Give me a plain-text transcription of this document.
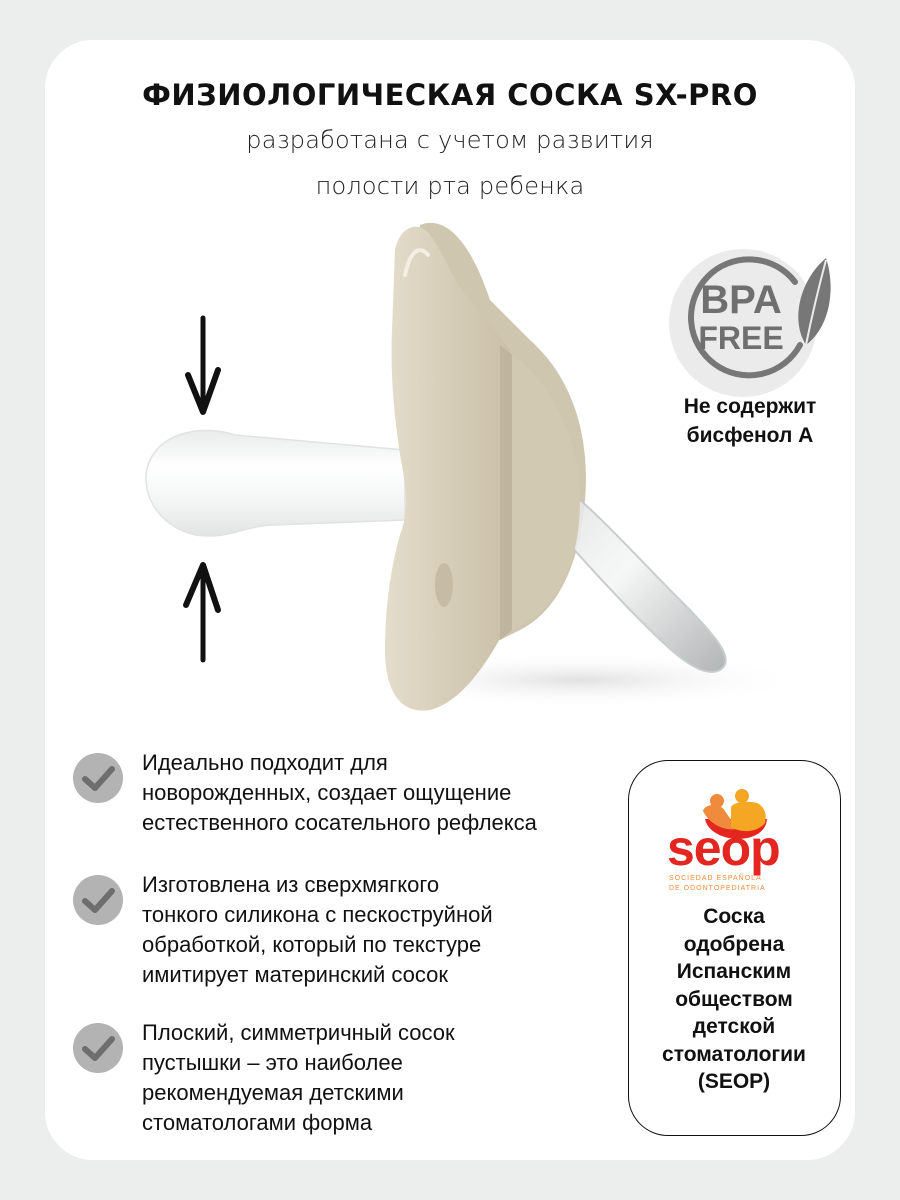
ФИЗИОЛОГИЧЕСКАЯ СОСКА SX-PRO
разработана с учетом развития
полости рта ребенка
BPA
FREE
Не содержит
бисфенол А
Идеально подходит для
новорожденных, создает ощущение
естественного сосательного рефлекса
Изготовлена из сверхмягкого
тонкого силикона с пескоструйной
обработкой, который по текстуре
имитирует материнский сосок
Плоский, симметричный сосок
пустышки – это наиболее
рекомендуемая детскими
стоматологами форма
seop
SOCIEDAD ESPAÑOLA
DE ODONTOPEDIATRIA
Соска
одобрена
Испанским
обществом
детской
стоматологии
(SEOP)
